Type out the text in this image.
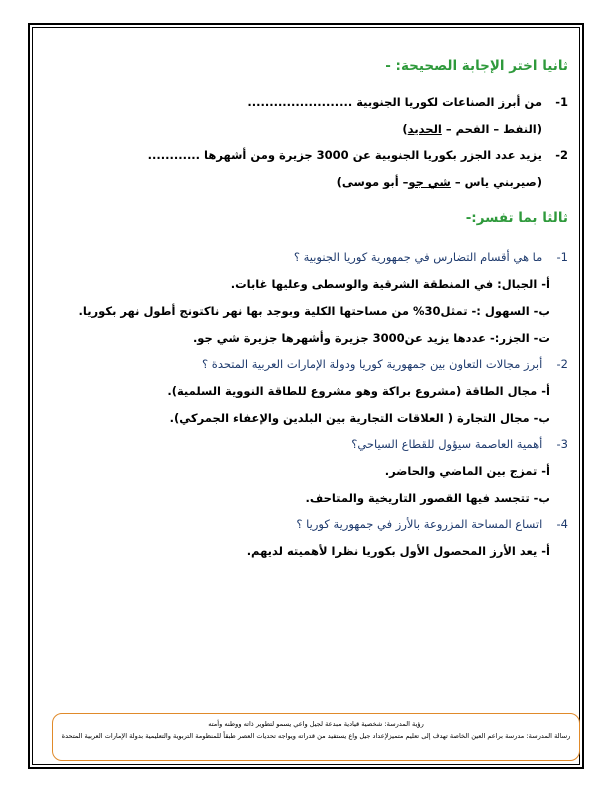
ثانيا اختر الإجابة الصحيحة: -
1- من أبرز الصناعات لكوريا الجنوبية ........................
(النفط – الفحم – الحديد)
2- يزيد عدد الجزر بكوريا الجنوبية عن 3000 جزيرة ومن أشهرها ............
(صيربني ياس – شي جو– أبو موسى)
ثالثا بما تفسر:-
1- ما هي أقسام التضارس في جمهورية كوريا الجنوبية ؟
أ- الجبال: في المنطقة الشرقية والوسطى وعليها غابات.
ب- السهول :- تمثل30% من مساحتها الكلية وبوجد بها نهر ناكتونج أطول نهر بكوريا.
ت- الجزر:- عددها يزيد عن3000 جزيرة وأشهرها جزيرة شي جو.
2- أبرز مجالات التعاون بين جمهورية كوريا ودولة الإمارات العربية المتحدة ؟
أ- مجال الطاقة (مشروع براكة وهو مشروع للطاقة النووية السلمية).
ب- مجال التجارة ( العلاقات التجارية بين البلدين والإعفاء الجمركي).
3- أهمية العاصمة سيؤول للقطاع السياحي؟
أ- تمزج بين الماضي والحاضر.
ب- تتجسد فيها القصور التاريخية والمتاحف.
4- اتساع المساحة المزروعة بالأرز في جمهورية كوريا ؟
أ- يعد الأرز المحصول الأول بكوريا نظرا لأهميته لديهم.
رؤية المدرسة: شخصية قيادية مبدعة لجيل واعي يسمو لتطوير ذاته ووطنه وأمته
رسالة المدرسة: مدرسة براعم العين الخاصة تهدف إلى تعليم متميزلإعداد جيل واع يستفيد من قدراته ويواجه تحديات العصر طبقاً للمنظومة التربوية والتعليمية بدولة الإمارات العربية المتحدة
